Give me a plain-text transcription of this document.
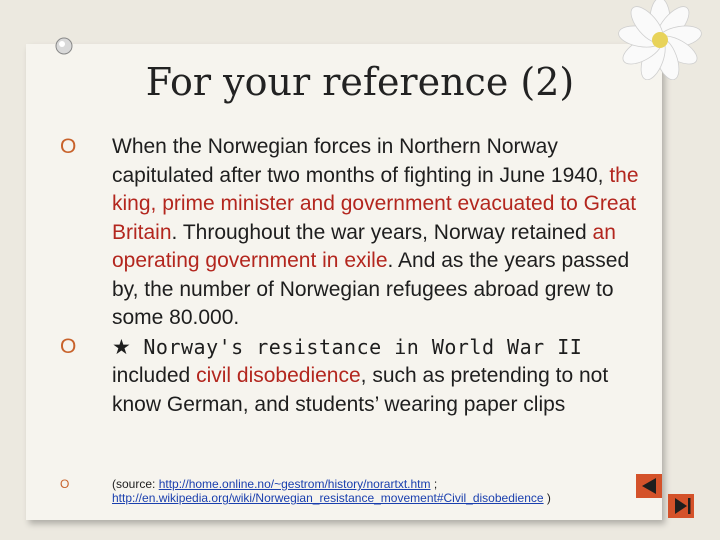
For your reference (2)
O When the Norwegian forces in Northern Norway capitulated after two months of fighting in June 1940, the king, prime minister and government evacuated to Great Britain. Throughout the war years, Norway retained an operating government in exile. And as the years passed by, the number of Norwegian refugees abroad grew to some 80.000.
O ★ Norway's resistance in World War II included civil disobedience, such as pretending to not know German, and students’ wearing paper clips
O	(source: http://home.online.no/~gestrom/history/norartxt.htm ; http://en.wikipedia.org/wiki/Norwegian_resistance_movement#Civil_disobedience )
